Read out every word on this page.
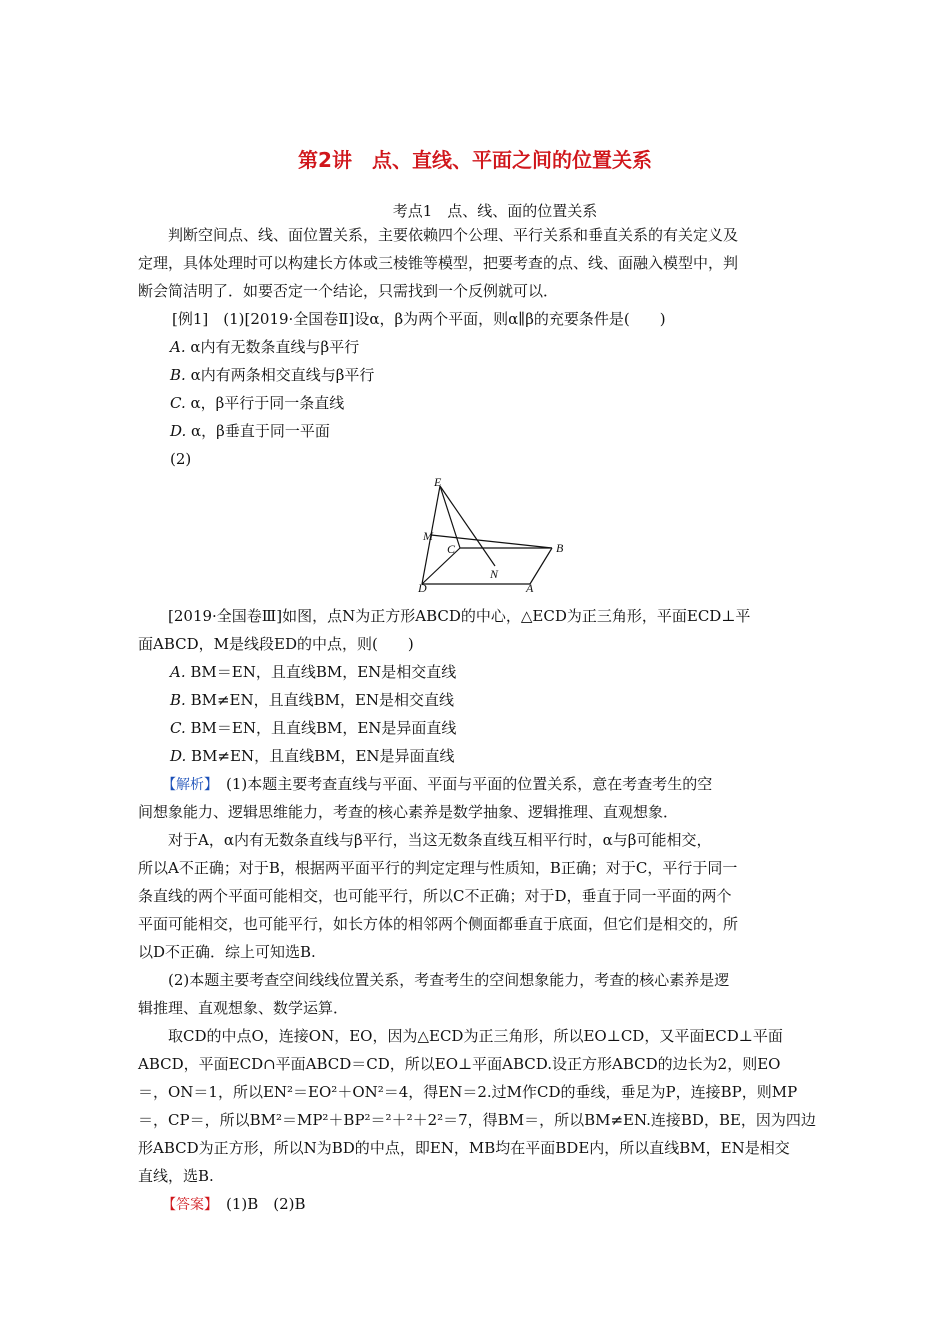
第2讲　点、直线、平面之间的位置关系
考点1　点、线、面的位置关系
判断空间点、线、面位置关系，主要依赖四个公理、平行关系和垂直关系的有关定义及
定理，具体处理时可以构建长方体或三棱锥等模型，把要考查的点、线、面融入模型中，判
断会简洁明了．如要否定一个结论，只需找到一个反例就可以．
[例1]　 (1)[2019·全国卷Ⅱ]设α，β为两个平面，则α∥β的充要条件是(　　)
A. α内有无数条直线与β平行
B. α内有两条相交直线与β平行
C. α，β平行于同一条直线
D. α，β垂直于同一平面
(2)
E
M
C	B
N
D	A
[2019·全国卷Ⅲ]如图，点N为正方形ABCD的中心，△ECD为正三角形，平面ECD⊥平
面ABCD，M是线段ED的中点，则(　　)
A. BM＝EN，且直线BM，EN是相交直线
B. BM≠EN，且直线BM，EN是相交直线
C. BM＝EN，且直线BM，EN是异面直线
D. BM≠EN，且直线BM，EN是异面直线
【解析】　 (1)本题主要考查直线与平面、平面与平面的位置关系，意在考查考生的空
间想象能力、逻辑思维能力，考查的核心素养是数学抽象、逻辑推理、直观想象．
对于A，α内有无数条直线与β平行，当这无数条直线互相平行时，α与β可能相交，
所以A不正确；对于B，根据两平面平行的判定定理与性质知，B正确；对于C，平行于同一
条直线的两个平面可能相交，也可能平行，所以C不正确；对于D，垂直于同一平面的两个
平面可能相交，也可能平行，如长方体的相邻两个侧面都垂直于底面，但它们是相交的，所
以D不正确．综上可知选B.
(2)本题主要考查空间线线位置关系，考查考生的空间想象能力，考查的核心素养是逻
辑推理、直观想象、数学运算．
取CD的中点O，连接ON，EO，因为△ECD为正三角形，所以EO⊥CD，又平面ECD⊥平面
ABCD，平面ECD∩平面ABCD＝CD，所以EO⊥平面ABCD.设正方形ABCD的边长为2，则EO
＝，ON＝1，所以EN²＝EO²＋ON²＝4，得EN＝2.过M作CD的垂线，垂足为P，连接BP，则MP
＝，CP＝，所以BM²＝MP²＋BP²＝²＋²＋2²＝7，得BM＝，所以BM≠EN.连接BD，BE，因为四边
形ABCD为正方形，所以N为BD的中点，即EN，MB均在平面BDE内，所以直线BM，EN是相交
直线，选B.
【答案】　 (1)B　(2)B
